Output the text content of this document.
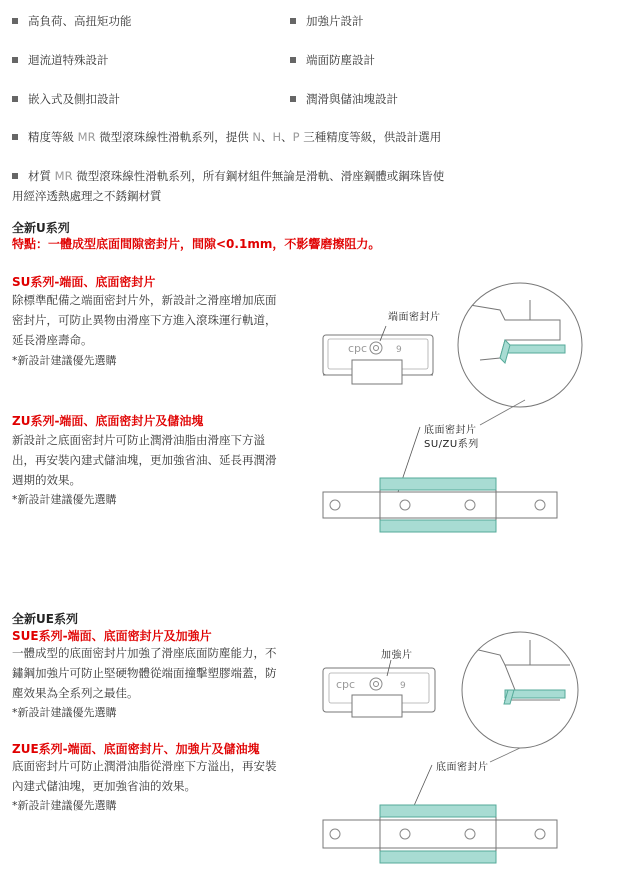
高負荷、高扭矩功能	加強片設計
迴流道特殊設計	端面防塵設計
嵌入式及側扣設計	潤滑與儲油塊設計
精度等級 MR 微型滾珠線性滑軌系列，提供 N、H、P 三種精度等級，供設計選用
材質 MR 微型滾珠線性滑軌系列，所有鋼材組件無論是滑軌、滑座鋼體或鋼珠皆使
用經淬透熱處理之不銹鋼材質
全新U系列
特點：一體成型底面間隙密封片，間隙<0.1mm，不影響磨擦阻力。
SU系列-端面、底面密封片
除標準配備之端面密封片外，新設計之滑座增加底面
密封片，可防止異物由滑座下方進入滾珠運行軌道，
延長滑座壽命。
*新設計建議優先選購
ZU系列-端面、底面密封片及儲油塊
新設計之底面密封片可防止潤滑油脂由滑座下方溢
出，再安裝內建式儲油塊，更加強省油、延長再潤滑
週期的效果。
*新設計建議優先選購
端面密封片
底面密封片
SU/ZU系列
cpc	9
全新UE系列
SUE系列-端面、底面密封片及加強片
一體成型的底面密封片加強了滑座底面防塵能力，不
鏽鋼加強片可防止堅硬物體從端面撞擊塑膠端蓋，防
塵效果為全系列之最佳。
*新設計建議優先選購
ZUE系列-端面、底面密封片、加強片及儲油塊
底面密封片可防止潤滑油脂從滑座下方溢出，再安裝
內建式儲油塊，更加強省油的效果。
*新設計建議優先選購
加強片
底面密封片
cpc	9
